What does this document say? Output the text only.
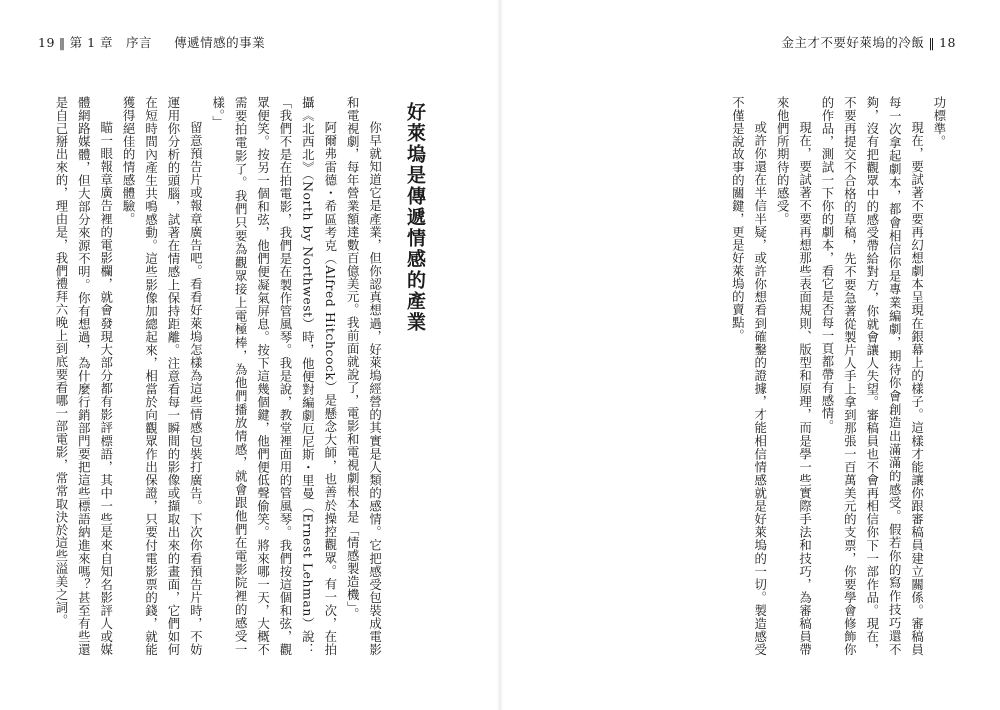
19 ‖ 第 1 章　序言 傳遞情感的事業
好萊塢是傳遞情感的產業
你早就知道它是產業，但你認真想過，好萊塢經營的其實是人類的感情。它把感受包裝成電影和電視劇，每年營業額達數百億美元。我前面就說了，電影和電視劇根本是「情感製造機」。
阿爾弗雷德・希區考克（Alfred Hitchcock）是懸念大師，也善於操控觀眾。有一次，在拍攝《北西北》（North by Northwest）時，他便對編劇厄尼斯・里曼（Ernest Lehman）說：「我們不是在拍電影，我們是在製作管風琴。我是說，教堂裡面用的管風琴。我們按這個和弦，觀眾便笑。按另一個和弦，他們便凝氣屏息。按下這幾個鍵，他們便低聲偷笑。將來哪一天，大概不需要拍電影了。我們只要為觀眾接上電極棒，為他們播放情感，就會跟他們在電影院裡的感受一樣。」
留意預告片或報章廣告吧。看看好萊塢怎樣為這些情感包裝打廣告。下次你看預告片時，不妨運用你分析的頭腦，試著在情感上保持距離。注意看每一瞬間的影像或擷取出來的畫面，它們如何在短時間內產生共鳴感動。這些影像加總起來，相當於向觀眾作出保證，只要付電影票的錢，就能獲得絕佳的情感體驗。
瞄一眼報章廣告裡的電影欄，就會發現大部分都有影評標語，其中一些是來自知名影評人或媒體網路媒體，但大部分來源不明。你有想過，為什麼行銷部門要把這些標語納進來嗎？甚至有些還是自己掰出來的，理由是，我們禮拜六晚上到底要看哪一部電影，常常取決於這些溢美之詞。
金主才不要好萊塢的冷飯 ‖ 18
功標準。
現在，要試著不要再幻想劇本呈現在銀幕上的樣子。這樣才能讓你跟審稿員建立關係。審稿員每一次拿起劇本，都會相信你是專業編劇，期待你會創造出滿滿的感受。假若你的寫作技巧還不夠，沒有把觀眾中的感受帶給對方，你就會讓人失望。審稿員也不會再相信你下一部作品。現在，不要再提交不合格的草稿，先不要急著從製片人手上拿到那張一百萬美元的支票，你要學會修飾你的作品，測試一下你的劇本，看它是否每一頁都帶有感情。
現在，要試著不要再想那些表面規則、版型和原理，而是學一些實際手法和技巧，為審稿員帶來他們所期待的感受。
或許你還在半信半疑，或許你想看到確鑿的證據，才能相信情感就是好萊塢的一切。製造感受不僅是說故事的關鍵，更是好萊塢的賣點。
